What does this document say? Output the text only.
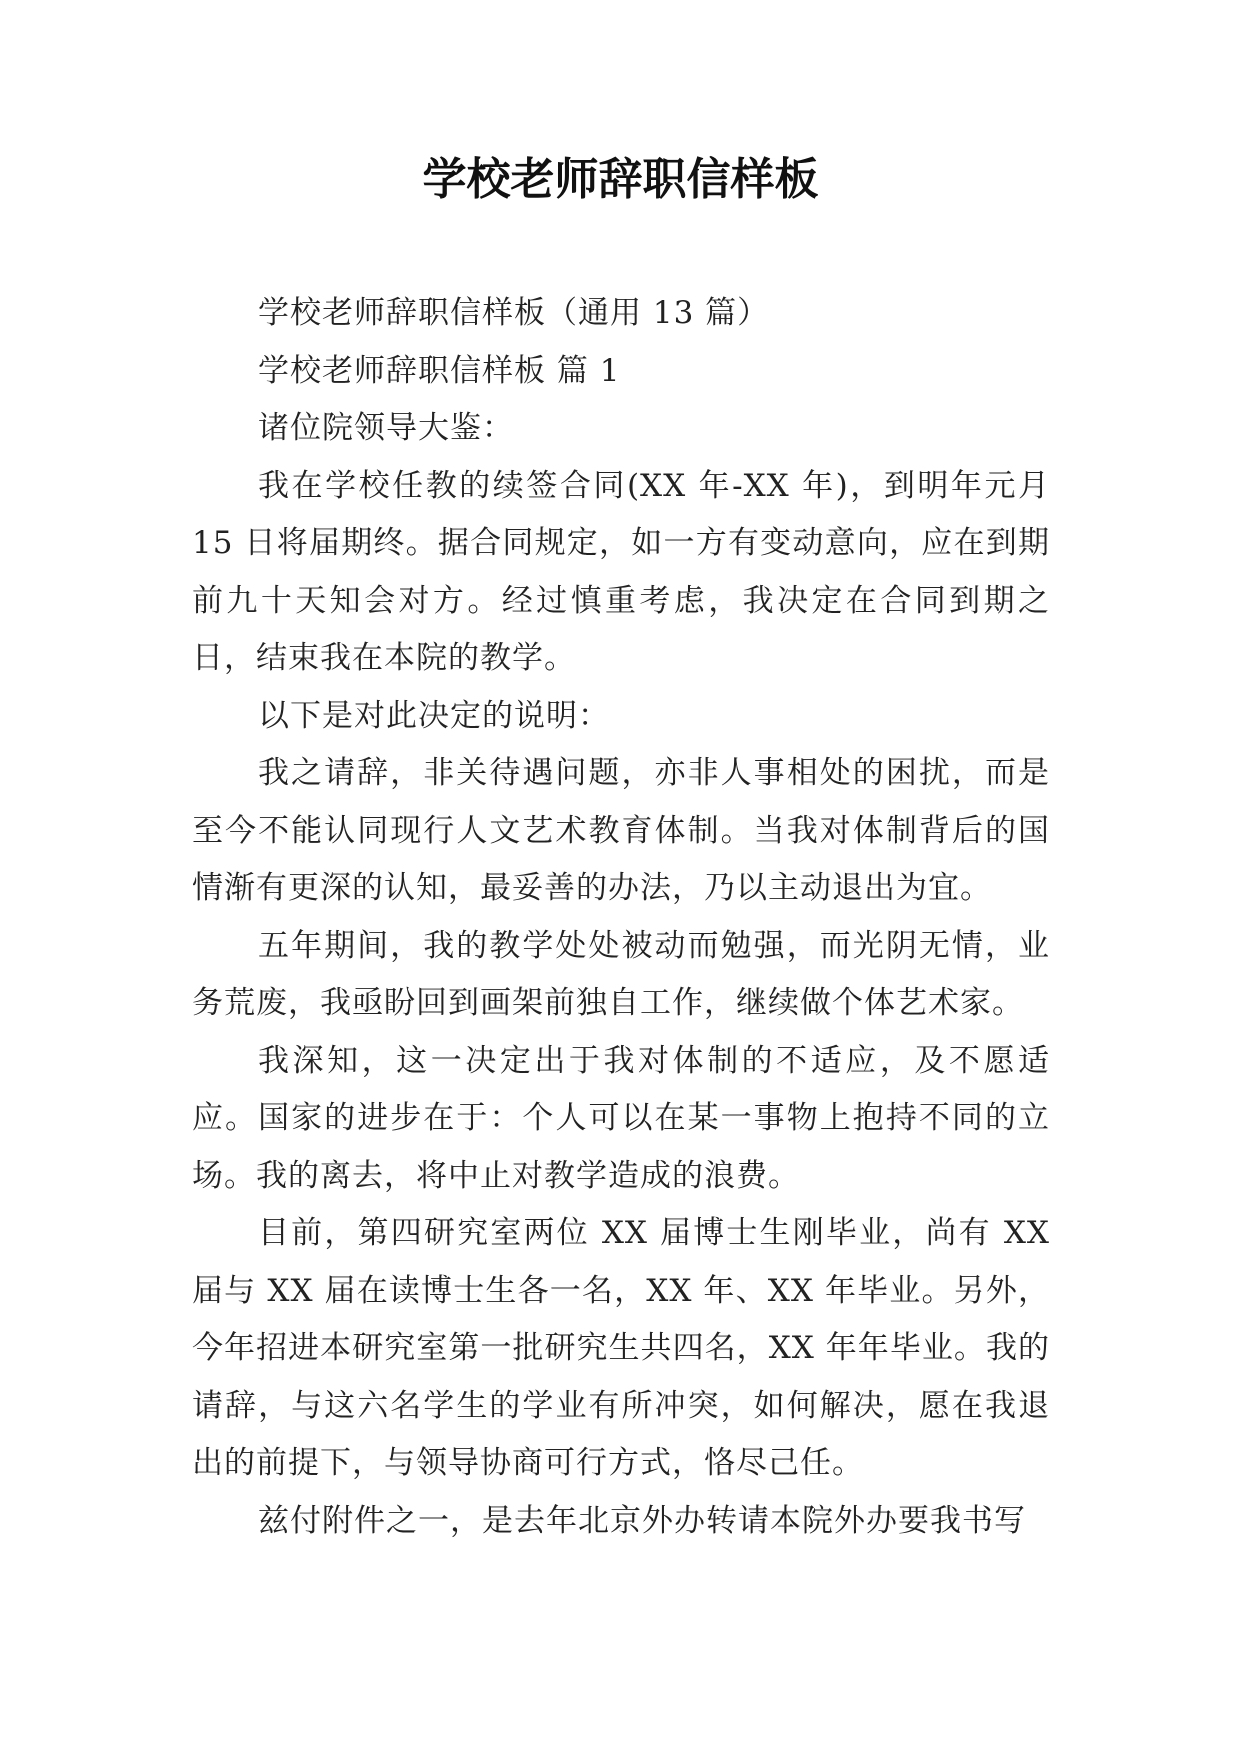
学校老师辞职信样板

学校老师辞职信样板（通用 13 篇）

学校老师辞职信样板 篇 1

诸位院领导大鉴：

我在学校任教的续签合同(XX 年-XX 年)，到明年元月 15 日将届期终。据合同规定，如一方有变动意向，应在到期前九十天知会对方。经过慎重考虑，我决定在合同到期之日，结束我在本院的教学。

以下是对此决定的说明：

我之请辞，非关待遇问题，亦非人事相处的困扰，而是至今不能认同现行人文艺术教育体制。当我对体制背后的国情渐有更深的认知，最妥善的办法，乃以主动退出为宜。

五年期间，我的教学处处被动而勉强，而光阴无情，业务荒废，我亟盼回到画架前独自工作，继续做个体艺术家。

我深知，这一决定出于我对体制的不适应，及不愿适应。国家的进步在于：个人可以在某一事物上抱持不同的立场。我的离去，将中止对教学造成的浪费。

目前，第四研究室两位 XX 届博士生刚毕业，尚有 XX 届与 XX 届在读博士生各一名，XX 年、XX 年毕业。另外，今年招进本研究室第一批研究生共四名，XX 年年毕业。我的请辞，与这六名学生的学业有所冲突，如何解决，愿在我退出的前提下，与领导协商可行方式，恪尽己任。

兹付附件之一，是去年北京外办转请本院外办要我书写
